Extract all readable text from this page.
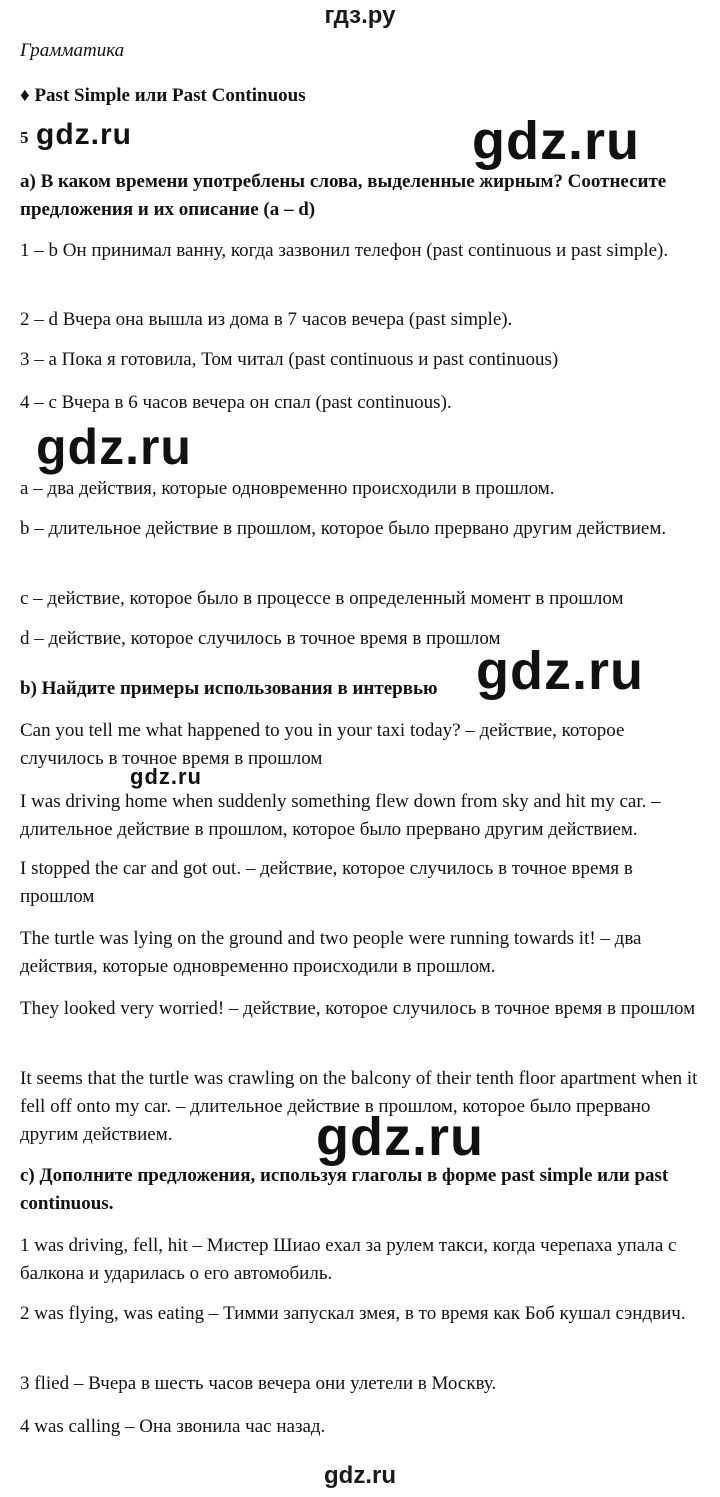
гдз.ру
Грамматика
♦ Past Simple или Past Continuous
5 gdz.ru	gdz.ru
a) В каком времени употреблены слова, выделенные жирным? Соотнесите предложения и их описание (a – d)
1 – b Он принимал ванну, когда зазвонил телефон (past continuous и past simple).
2 – d Вчера она вышла из дома в 7 часов вечера (past simple).
3 – a Пока я готовила, Том читал (past continuous и past continuous)
4 – c Вчера в 6 часов вечера он спал (past continuous).
gdz.ru
a – два действия, которые одновременно происходили в прошлом.
b – длительное действие в прошлом, которое было прервано другим действием.
c – действие, которое было в процессе в определенный момент в прошлом
d – действие, которое случилось в точное время в прошлом
b) Найдите примеры использования в интервью gdz.ru
Can you tell me what happened to you in your taxi today? – действие, которое случилось в точное время в прошлом
gdz.ru
I was driving home when suddenly something flew down from sky and hit my car. – длительное действие в прошлом, которое было прервано другим действием.
I stopped the car and got out. – действие, которое случилось в точное время в прошлом
The turtle was lying on the ground and two people were running towards it! – два действия, которые одновременно происходили в прошлом.
They looked very worried! – действие, которое случилось в точное время в прошлом
It seems that the turtle was crawling on the balcony of their tenth floor apartment when it fell off onto my car. – длительное действие в прошлом, которое было прервано другим действием.	gdz.ru
c) Дополните предложения, используя глаголы в форме past simple или past continuous.
1 was driving, fell, hit – Мистер Шиао ехал за рулем такси, когда черепаха упала с балкона и ударилась о его автомобиль.
2 was flying, was eating – Тимми запускал змея, в то время как Боб кушал сэндвич.
3 flied – Вчера в шесть часов вечера они улетели в Москву.
4 was calling – Она звонила час назад.
gdz.ru
